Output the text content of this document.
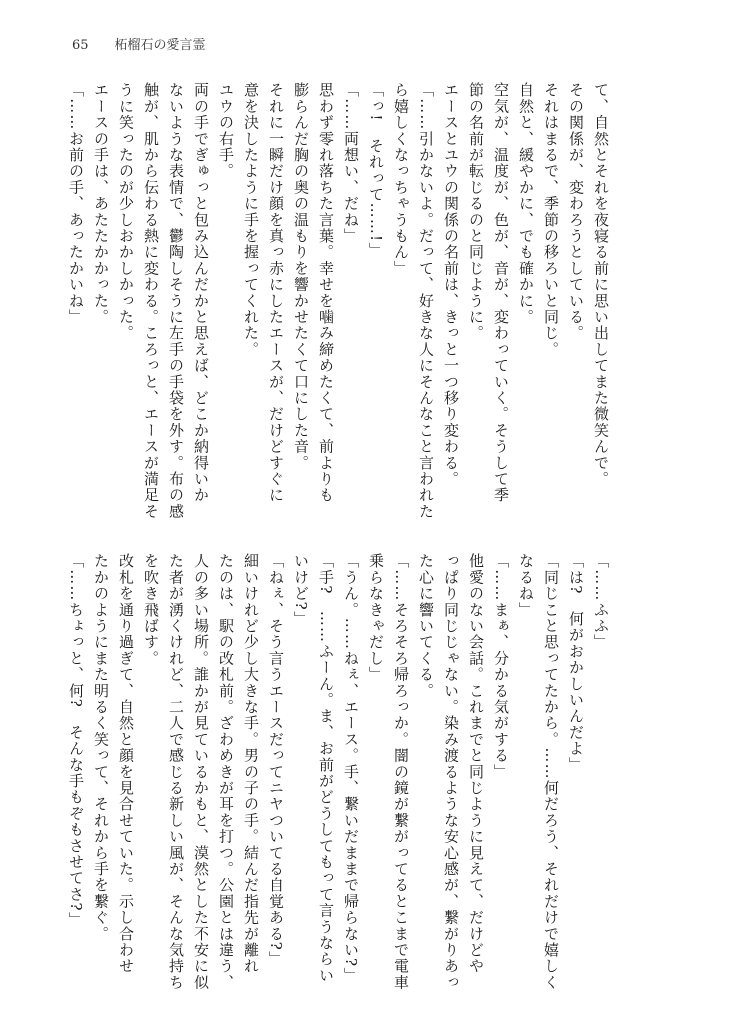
65 柘榴石の愛言霊
て、自然とそれを夜寝る前に思い出してまた微笑んで。
その関係が、変わろうとしている。
それはまるで、季節の移ろいと同じ。
自然と、緩やかに、でも確かに。
空気が、温度が、色が、音が、変わっていく。そうして季
節の名前が転じるのと同じように。
エースとユウの関係の名前は、きっと一つ移り変わる。
「……引かないよ。だって、好きな人にそんなこと言われた
ら嬉しくなっちゃうもん」
「っ!　それって……!」
「……両想い、だね」
思わず零れ落ちた言葉。幸せを噛み締めたくて、前よりも
膨らんだ胸の奥の温もりを響かせたくて口にした音。
それに一瞬だけ顔を真っ赤にしたエースが、だけどすぐに
意を決したように手を握ってくれた。
ユウの右手。
両の手でぎゅっと包み込んだかと思えば、どこか納得いか
ないような表情で、鬱陶しそうに左手の手袋を外す。布の感
触が、肌から伝わる熱に変わる。ころっと、エースが満足そ
うに笑ったのが少しおかしかった。
エースの手は、あたたかかった。
「……お前の手、あったかいね」
「……ふふ」
「は?　何がおかしいんだよ」
「同じこと思ってたから。……何だろう、それだけで嬉しく
なるね」
「……まぁ、分かる気がする」
他愛のない会話。これまでと同じように見えて、だけどや
っぱり同じじゃない。染み渡るような安心感が、繋がりあっ
た心に響いてくる。
「……そろそろ帰ろっか。闇の鏡が繋がってるとこまで電車
乗らなきゃだし」
「うん。……ねぇ、エース。手、繋いだままで帰らない?」
「手?　……ふーん。ま、お前がどうしてもって言うならい
いけど?」
「ねぇ、そう言うエースだってニヤついてる自覚ある?」
細いけれど少し大きな手。男の子の手。結んだ指先が離れ
たのは、駅の改札前。ざわめきが耳を打つ。公園とは違う、
人の多い場所。誰かが見ているかもと、漠然とした不安に似
た者が湧くけれど、二人で感じる新しい風が、そんな気持ち
を吹き飛ばす。
改札を通り過ぎて、自然と顔を見合せていた。示し合わせ
たかのようにまた明るく笑って、それから手を繋ぐ。
「……ちょっと、何?　そんな手もぞもさせてさ?」
